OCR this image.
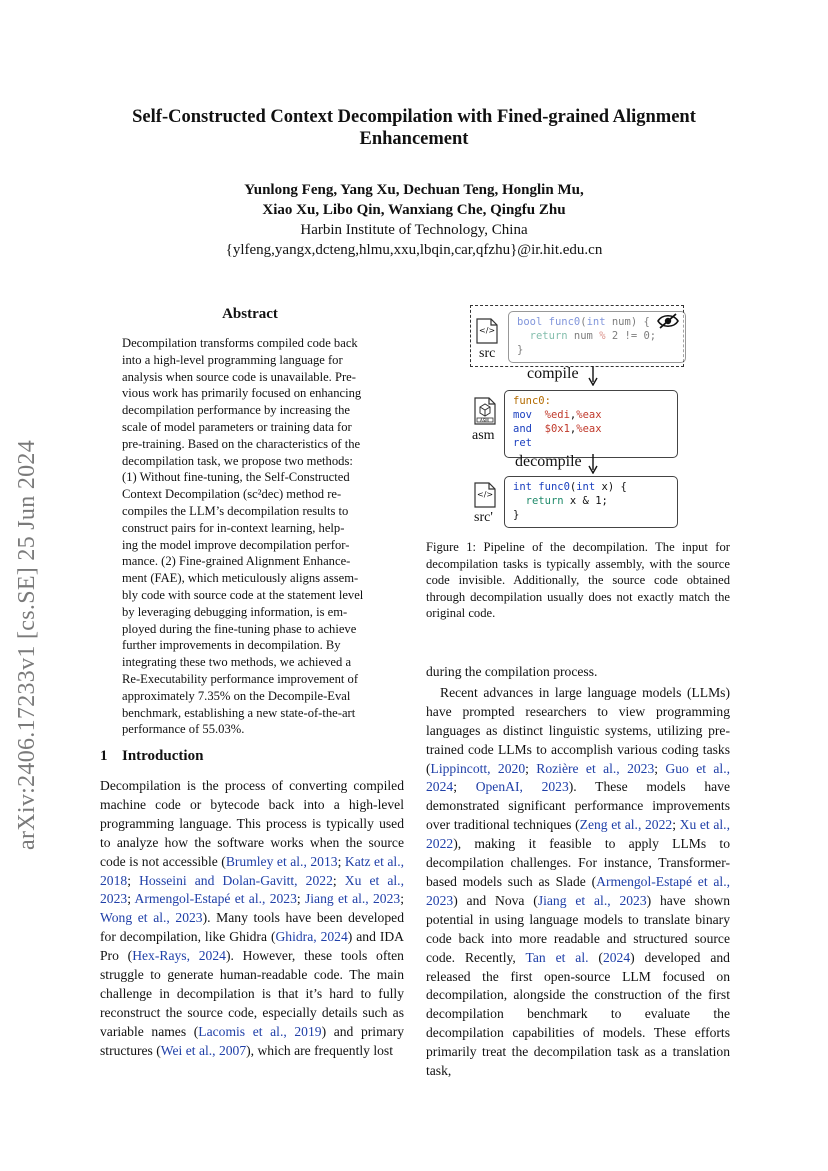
arXiv:2406.17233v1 [cs.SE] 25 Jun 2024
Self-Constructed Context Decompilation with Fined-grained Alignment
Enhancement
Yunlong Feng, Yang Xu, Dechuan Teng, Honglin Mu,
Xiao Xu, Libo Qin, Wanxiang Che, Qingfu Zhu
Harbin Institute of Technology, China
{ylfeng,yangx,dcteng,hlmu,xxu,lbqin,car,qfzhu}@ir.hit.edu.cn
Abstract
Decompilation transforms compiled code back
into a high-level programming language for
analysis when source code is unavailable. Pre-
vious work has primarily focused on enhancing
decompilation performance by increasing the
scale of model parameters or training data for
pre-training. Based on the characteristics of the
decompilation task, we propose two methods:
(1) Without fine-tuning, the Self-Constructed
Context Decompilation (sc²dec) method re-
compiles the LLM’s decompilation results to
construct pairs for in-context learning, help-
ing the model improve decompilation perfor-
mance. (2) Fine-grained Alignment Enhance-
ment (FAE), which meticulously aligns assem-
bly code with source code at the statement level
by leveraging debugging information, is em-
ployed during the fine-tuning phase to achieve
further improvements in decompilation. By
integrating these two methods, we achieved a
Re-Executability performance improvement of
approximately 7.35% on the Decompile-Eval
benchmark, establishing a new state-of-the-art
performance of 55.03%.
1 Introduction
Decompilation is the process of converting compiled machine code or bytecode back into a high-level programming language. This process is typically used to analyze how the software works when the source code is not accessible (Brumley et al., 2013; Katz et al., 2018; Hosseini and Dolan-Gavitt, 2022; Xu et al., 2023; Armengol-Estapé et al., 2023; Jiang et al., 2023; Wong et al., 2023). Many tools have been developed for decompilation, like Ghidra (Ghidra, 2024) and IDA Pro (Hex-Rays, 2024). However, these tools often struggle to generate human-readable code. The main challenge in decompilation is that it’s hard to fully reconstruct the source code, especially details such as variable names (Lacomis et al., 2019) and primary structures (Wei et al., 2007), which are frequently lost
during the compilation process.
Recent advances in large language models (LLMs) have prompted researchers to view programming languages as distinct linguistic systems, utilizing pre-trained code LLMs to accomplish various coding tasks (Lippincott, 2020; Rozière et al., 2023; Guo et al., 2024; OpenAI, 2023). These models have demonstrated significant performance improvements over traditional techniques (Zeng et al., 2022; Xu et al., 2022), making it feasible to apply LLMs to decompilation challenges. For instance, Transformer-based models such as Slade (Armengol-Estapé et al., 2023) and Nova (Jiang et al., 2023) have shown potential in using language models to translate binary code back into more readable and structured source code. Recently, Tan et al. (2024) developed and released the first open-source LLM focused on decompilation, alongside the construction of the first decompilation benchmark to evaluate the decompilation capabilities of models. These efforts primarily treat the decompilation task as a translation task,
</>
src
bool func0(int num) {
return num % 2 != 0;
}
compile
ASM
asm
func0:
mov %edi,%eax
and $0x1,%eax
ret
decompile
</>
src'
int func0(int x) {
return x & 1;
}
Figure 1: Pipeline of the decompilation. The input for decompilation tasks is typically assembly, with the source code invisible. Additionally, the source code obtained through decompilation usually does not exactly match the original code.
